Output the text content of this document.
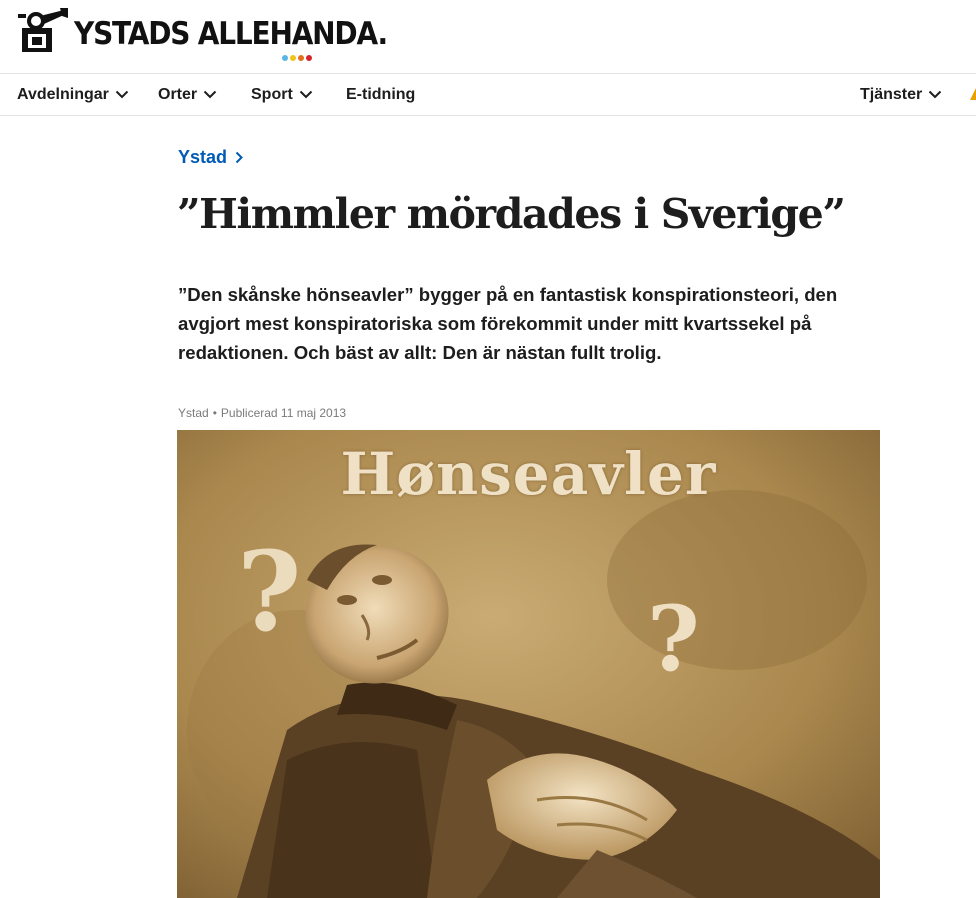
YSTADS ALLEHANDA.
Avdelningar	Orter	Sport	E-tidning	Tjänster
Ystad
”Himmler mördades i Sverige”

”Den skånske hönseavler” bygger på en fantastisk konspirationsteori, den avgjort mest konspiratoriska som förekommit under mitt kvartssekel på redaktionen. Och bäst av allt: Den är nästan fullt trolig.

Ystad • Publicerad 11 maj 2013
?	?
Hønseavler
